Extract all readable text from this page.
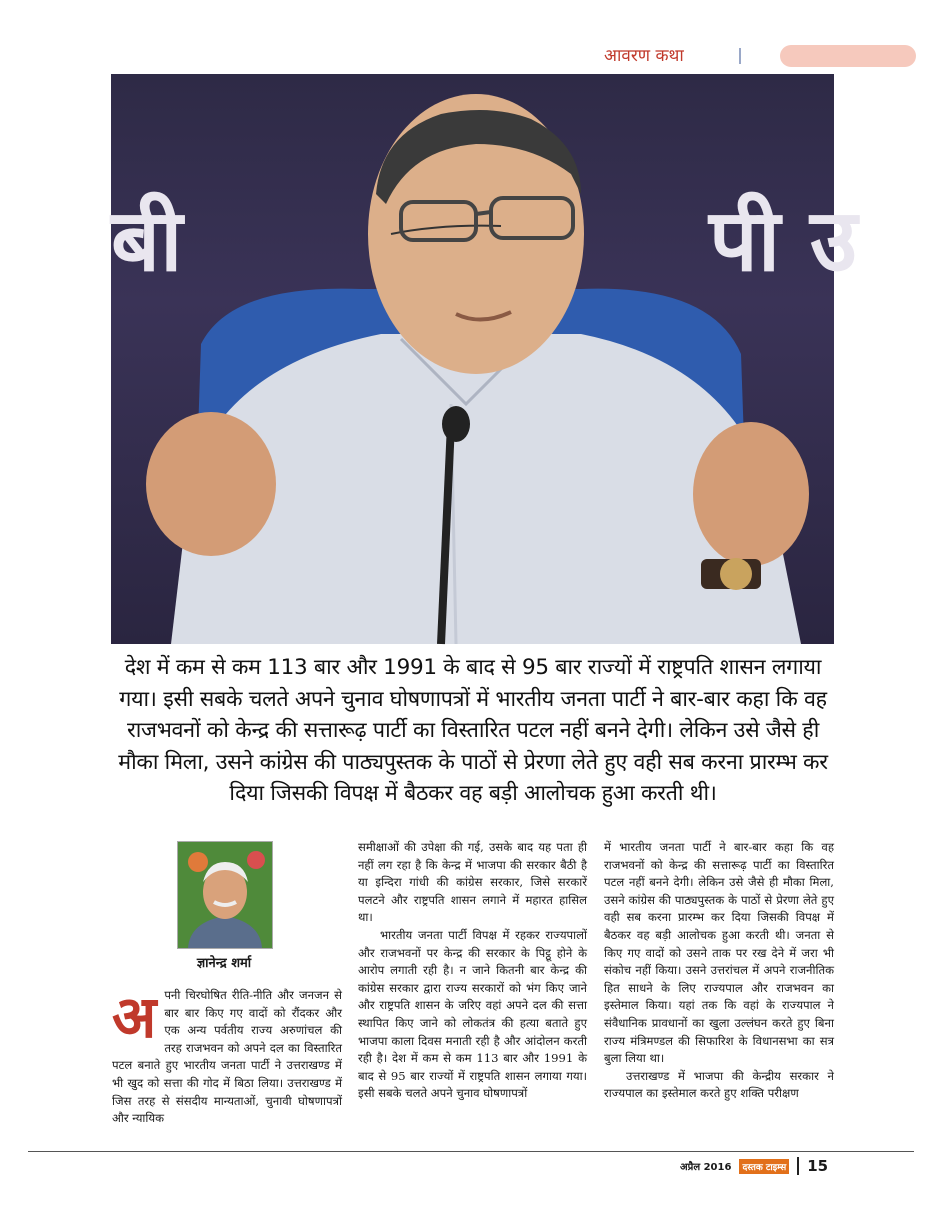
आवरण कथा
बी	पी उ
देश में कम से कम 113 बार और 1991 के बाद से 95 बार राज्यों में राष्ट्रपति शासन लगाया गया। इसी सबके चलते अपने चुनाव घोषणापत्रों में भारतीय जनता पार्टी ने बार-बार कहा कि वह राजभवनों को केन्द्र की सत्तारूढ़ पार्टी का विस्तारित पटल नहीं बनने देगी। लेकिन उसे जैसे ही मौका मिला, उसने कांग्रेस की पाठ्यपुस्तक के पाठों से प्रेरणा लेते हुए वही सब करना प्रारम्भ कर दिया जिसकी विपक्ष में बैठकर वह बड़ी आलोचक हुआ करती थी।
ज्ञानेन्द्र शर्मा

अपनी चिरघोषित रीति-नीति और जनजन से बार बार किए गए वादों को रौंदकर और एक अन्य पर्वतीय राज्य अरुणांचल की तरह राजभवन को अपने दल का विस्तारित पटल बनाते हुए भारतीय जनता पार्टी ने उत्तराखण्ड में भी खुद को सत्ता की गोद में बिठा लिया। उत्तराखण्ड में जिस तरह से संसदीय मान्यताओं, चुनावी घोषणापत्रों और न्यायिक

समीक्षाओं की उपेक्षा की गई, उसके बाद यह पता ही नहीं लग रहा है कि केन्द्र में भाजपा की सरकार बैठी है या इन्दिरा गांधी की कांग्रेस सरकार, जिसे सरकारें पलटने और राष्ट्रपति शासन लगाने में महारत हासिल था।

भारतीय जनता पार्टी विपक्ष में रहकर राज्यपालों और राजभवनों पर केन्द्र की सरकार के पिट्ठू होने के आरोप लगाती रही है। न जाने कितनी बार केन्द्र की कांग्रेस सरकार द्वारा राज्य सरकारों को भंग किए जाने और राष्ट्रपति शासन के जरिए वहां अपने दल की सत्ता स्थापित किए जाने को लोकतंत्र की हत्या बताते हुए भाजपा काला दिवस मनाती रही है और आंदोलन करती रही है। देश में कम से कम 113 बार और 1991 के बाद से 95 बार राज्यों में राष्ट्रपति शासन लगाया गया। इसी सबके चलते अपने चुनाव घोषणापत्रों

में भारतीय जनता पार्टी ने बार-बार कहा कि वह राजभवनों को केन्द्र की सत्तारूढ़ पार्टी का विस्तारित पटल नहीं बनने देगी। लेकिन उसे जैसे ही मौका मिला, उसने कांग्रेस की पाठ्यपुस्तक के पाठों से प्रेरणा लेते हुए वही सब करना प्रारम्भ कर दिया जिसकी विपक्ष में बैठकर वह बड़ी आलोचक हुआ करती थी। जनता से किए गए वादों को उसने ताक पर रख देने में जरा भी संकोच नहीं किया। उसने उत्तरांचल में अपने राजनीतिक हित साधने के लिए राज्यपाल और राजभवन का इस्तेमाल किया। यहां तक कि वहां के राज्यपाल ने संवैधानिक प्रावधानों का खुला उल्लंघन करते हुए बिना राज्य मंत्रिमण्डल की सिफारिश के विधानसभा का सत्र बुला लिया था।

उत्तराखण्ड में भाजपा की केन्द्रीय सरकार ने राज्यपाल का इस्तेमाल करते हुए शक्ति परीक्षण

अप्रैल 2016	दस्तक टाइम्स 15
